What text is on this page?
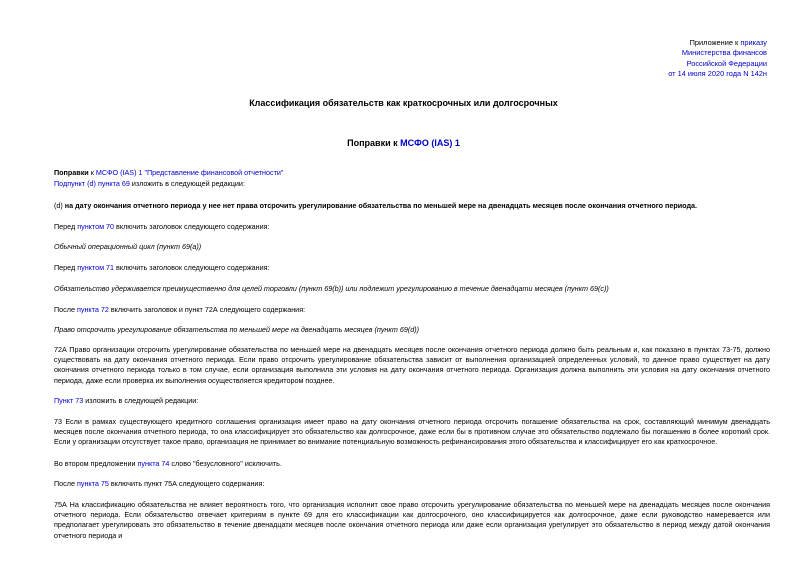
Приложение к приказу
Министерства финансов
Российской Федерации
от 14 июля 2020 года N 142н
Классификация обязательств как краткосрочных или долгосрочных
Поправки к МСФО (IAS) 1
Поправки к МСФО (IAS) 1 "Представление финансовой отчетности"
Подпункт (d) пункта 69 изложить в следующей редакции:
(d) на дату окончания отчетного периода у нее нет права отсрочить урегулирование обязательства по меньшей мере на двенадцать месяцев после окончания отчетного периода.
Перед пунктом 70 включить заголовок следующего содержания:
Обычный операционный цикл (пункт 69(a))
Перед пунктом 71 включить заголовок следующего содержания:
Обязательство удерживается преимущественно для целей торговли (пункт 69(b)) или подлежит урегулированию в течение двенадцати месяцев (пункт 69(c))
После пункта 72 включить заголовок и пункт 72А следующего содержания:
Право отсрочить урегулирование обязательства по меньшей мере на двенадцать месяцев (пункт 69(d))
72А Право организации отсрочить урегулирование обязательства по меньшей мере на двенадцать месяцев после окончания отчетного периода должно быть реальным и, как показано в пунктах 73-75, должно существовать на дату окончания отчетного периода. Если право отсрочить урегулирование обязательства зависит от выполнения организацией определенных условий, то данное право существует на дату окончания отчетного периода только в том случае, если организация выполнила эти условия на дату окончания отчетного периода. Организация должна выполнить эти условия на дату окончания отчетного периода, даже если проверка их выполнения осуществляется кредитором позднее.
Пункт 73 изложить в следующей редакции:
73 Если в рамках существующего кредитного соглашения организация имеет право на дату окончания отчетного периода отсрочить погашение обязательства на срок, составляющий минимум двенадцать месяцев после окончания отчетного периода, то она классифицирует это обязательство как долгосрочное, даже если бы в противном случае это обязательство подлежало бы погашению в более короткий срок. Если у организации отсутствует такое право, организация не принимает во внимание потенциальную возможность рефинансирования этого обязательства и классифицирует его как краткосрочное.
Во втором предложении пункта 74 слово "безусловного" исключить.
После пункта 75 включить пункт 75А следующего содержания:
75А На классификацию обязательства не влияет вероятность того, что организация исполнит свое право отсрочить урегулирование обязательства по меньшей мере на двенадцать месяцев после окончания отчетного периода. Если обязательство отвечает критериям в пункте 69 для его классификации как долгосрочного, оно классифицируется как долгосрочное, даже если руководство намеревается или предполагает урегулировать это обязательство в течение двенадцати месяцев после окончания отчетного периода или даже если организация урегулирует это обязательство в период между датой окончания отчетного периода и
